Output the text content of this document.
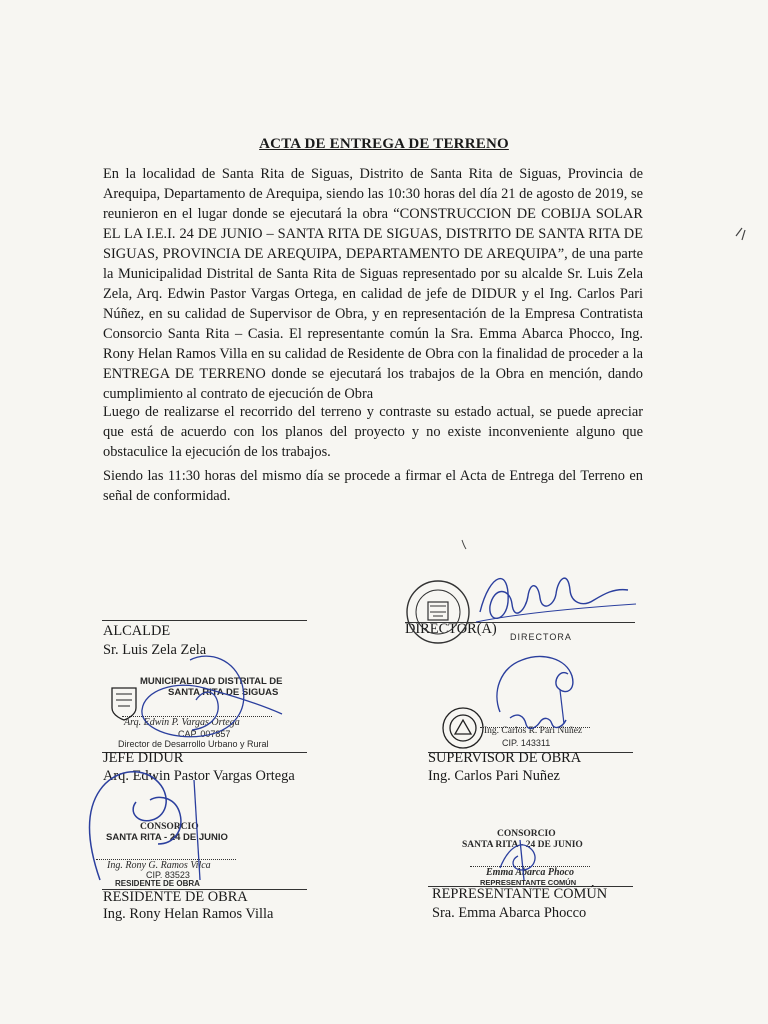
ACTA DE ENTREGA DE TERRENO

En la localidad de Santa Rita de Siguas, Distrito de Santa Rita de Siguas, Provincia de Arequipa, Departamento de Arequipa, siendo las 10:30 horas del día 21 de agosto de 2019, se reunieron en el lugar donde se ejecutará la obra “CONSTRUCCION DE COBIJA SOLAR EL LA I.E.I. 24 DE JUNIO – SANTA RITA DE SIGUAS, DISTRITO DE SANTA RITA DE SIGUAS, PROVINCIA DE AREQUIPA, DEPARTAMENTO DE AREQUIPA”, de una parte la Municipalidad Distrital de Santa Rita de Siguas representado por su alcalde Sr. Luis Zela Zela, Arq. Edwin Pastor Vargas Ortega, en calidad de jefe de DIDUR y el Ing. Carlos Pari Núñez, en su calidad de Supervisor de Obra, y en representación de la Empresa Contratista Consorcio Santa Rita – Casia. El representante común la Sra. Emma Abarca Phocco, Ing. Rony Helan Ramos Villa en su calidad de Residente de Obra con la finalidad de proceder a la ENTREGA DE TERRENO donde se ejecutará los trabajos de la Obra en mención, dando cumplimiento al contrato de ejecución de Obra

Luego de realizarse el recorrido del terreno y contraste su estado actual, se puede apreciar que está de acuerdo con los planos del proyecto y no existe inconveniente alguno que obstaculice la ejecución de los trabajos.

Siendo las 11:30 horas del mismo día se procede a firmar el Acta de Entrega del Terreno en señal de conformidad.

ALCALDE
Sr. Luis Zela Zela
DIRECTOR(A) DIRECTORA
MUNICIPALIDAD DISTRITAL DE
SANTA RITA DE SIGUAS
Arq. Edwin P. Vargas Ortega
CAP. 007857
Director de Desarrollo Urbano y Rural
JEFE DIDUR
Arq. Edwin Pastor Vargas Ortega
Ing. Carlos R. Pari Nuñez
CIP. 143311
SUPERVISOR DE OBRA
Ing. Carlos Pari Nuñez
CONSORCIO
SANTA RITA - 24 DE JUNIO
Ing. Rony G. Ramos Vilca
CIP. 83523
RESIDENTE DE OBRA
RESIDENTE DE OBRA
Ing. Rony Helan Ramos Villa
CONSORCIO
SANTA RITA - 24 DE JUNIO
Emma Abarca Phoco
REPRESENTANTE COMÚN
REPRESENTANTE COMÚN
Sra. Emma Abarca Phocco
